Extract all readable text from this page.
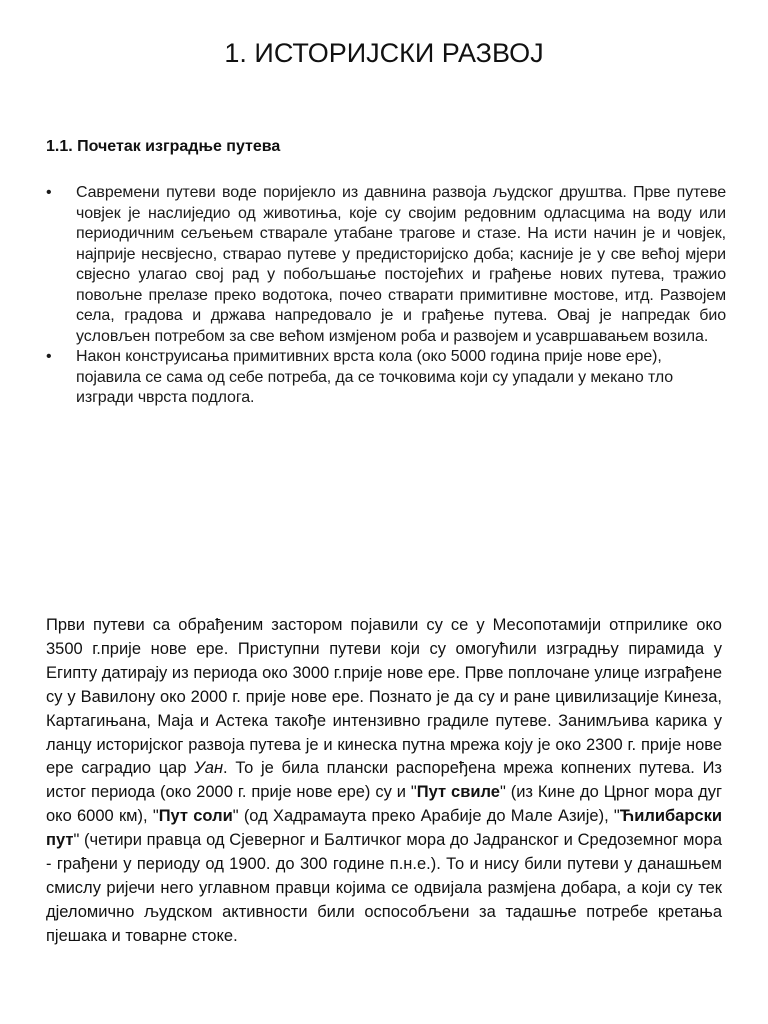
1. ИСТОРИЈСКИ РАЗВОЈ
1.1. Почетак изградње путева
• Савремени путеви воде поријекло из давнина развоја људског друштва. Прве путеве човјек је наслиједио од животиња, које су својим редовним одласцима на воду или периодичним сељењем стварале утабане трагове и стазе. На исти начин је и човјек, најприје несвјесно, стварао путеве у предисторијско доба; касније је у све већој мјери свјесно улагао свој рад у побољшање постојећих и грађење нових путева, тражио повољне прелазе преко водотока, почео стварати примитивне мостове, итд. Развојем села, градова и држава напредовало је и грађење путева. Овај је напредак био условљен потребом за све већом измјеном роба и развојем и усавршавањем возила.
• Након конструисања примитивних врста кола (око 5000 година прије нове ере), појавила се сама од себе потреба, да се точковима који су упадали у мекано тло изгради чврста подлога.

Први путеви са обрађеним застором појавили су се у Месопотамији отприлике око 3500 г.прије нове ере. Приступни путеви који су омогућили изградњу пирамида у Египту датирају из периода око 3000 г.прије нове ере. Прве поплочане улице изграђене су у Вавилону око 2000 г. прије нове ере. Познато је да су и ране цивилизације Кинеза, Картагињана, Маја и Астека такође интензивно градиле путеве. Занимљива карика у ланцу историјског развоја путева је и кинеска путна мрежа коју је око 2300 г. прије нове ере саградио цар Уан. То је била плански распоређена мрежа копнених путева. Из истог периода (око 2000 г. прије нове ере) су и "Пут свиле" (из Кине до Црног мора дуг око 6000 км), "Пут соли" (од Хадрамаута преко Арабије до Мале Азије), "Ћилибарски пут" (четири правца од Сјеверног и Балтичког мора до Јадранског и Средоземног мора - грађени у периоду од 1900. до 300 године п.н.е.). То и нису били путеви у данашњем смислу ријечи него углавном правци којима се одвијала размјена добара, а који су тек дјеломично људском активности били оспособљени за тадашње потребе кретања пјешака и товарне стоке.
